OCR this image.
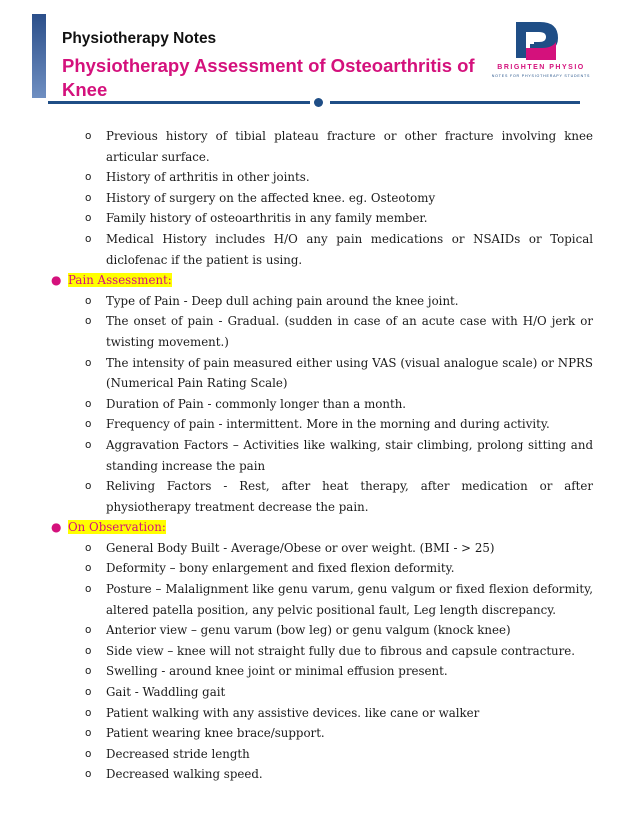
Physiotherapy Notes
Physiotherapy Assessment of Osteoarthritis of Knee
BRIGHTEN PHYSIO
NOTES FOR PHYSIOTHERAPY STUDENTS
o Previous history of tibial plateau fracture or other fracture involving knee articular surface.
o History of arthritis in other joints.
o History of surgery on the affected knee. eg. Osteotomy
o Family history of osteoarthritis in any family member.
o Medical History includes H/O any pain medications or NSAIDs or Topical diclofenac if the patient is using.
● Pain Assessment:
o Type of Pain - Deep dull aching pain around the knee joint.
o The onset of pain - Gradual. (sudden in case of an acute case with H/O jerk or twisting movement.)
o The intensity of pain measured either using VAS (visual analogue scale) or NPRS (Numerical Pain Rating Scale)
o Duration of Pain - commonly longer than a month.
o Frequency of pain - intermittent. More in the morning and during activity.
o Aggravation Factors – Activities like walking, stair climbing, prolong sitting and standing increase the pain
o Reliving Factors - Rest, after heat therapy, after medication or after physiotherapy treatment decrease the pain.
● On Observation:
o General Body Built - Average/Obese or over weight. (BMI - > 25)
o Deformity – bony enlargement and fixed flexion deformity.
o Posture – Malalignment like genu varum, genu valgum or fixed flexion deformity, altered patella position, any pelvic positional fault, Leg length discrepancy.
o Anterior view – genu varum (bow leg) or genu valgum (knock knee)
o Side view – knee will not straight fully due to fibrous and capsule contracture.
o Swelling - around knee joint or minimal effusion present.
o Gait - Waddling gait
o Patient walking with any assistive devices. like cane or walker
o Patient wearing knee brace/support.
o Decreased stride length
o Decreased walking speed.
